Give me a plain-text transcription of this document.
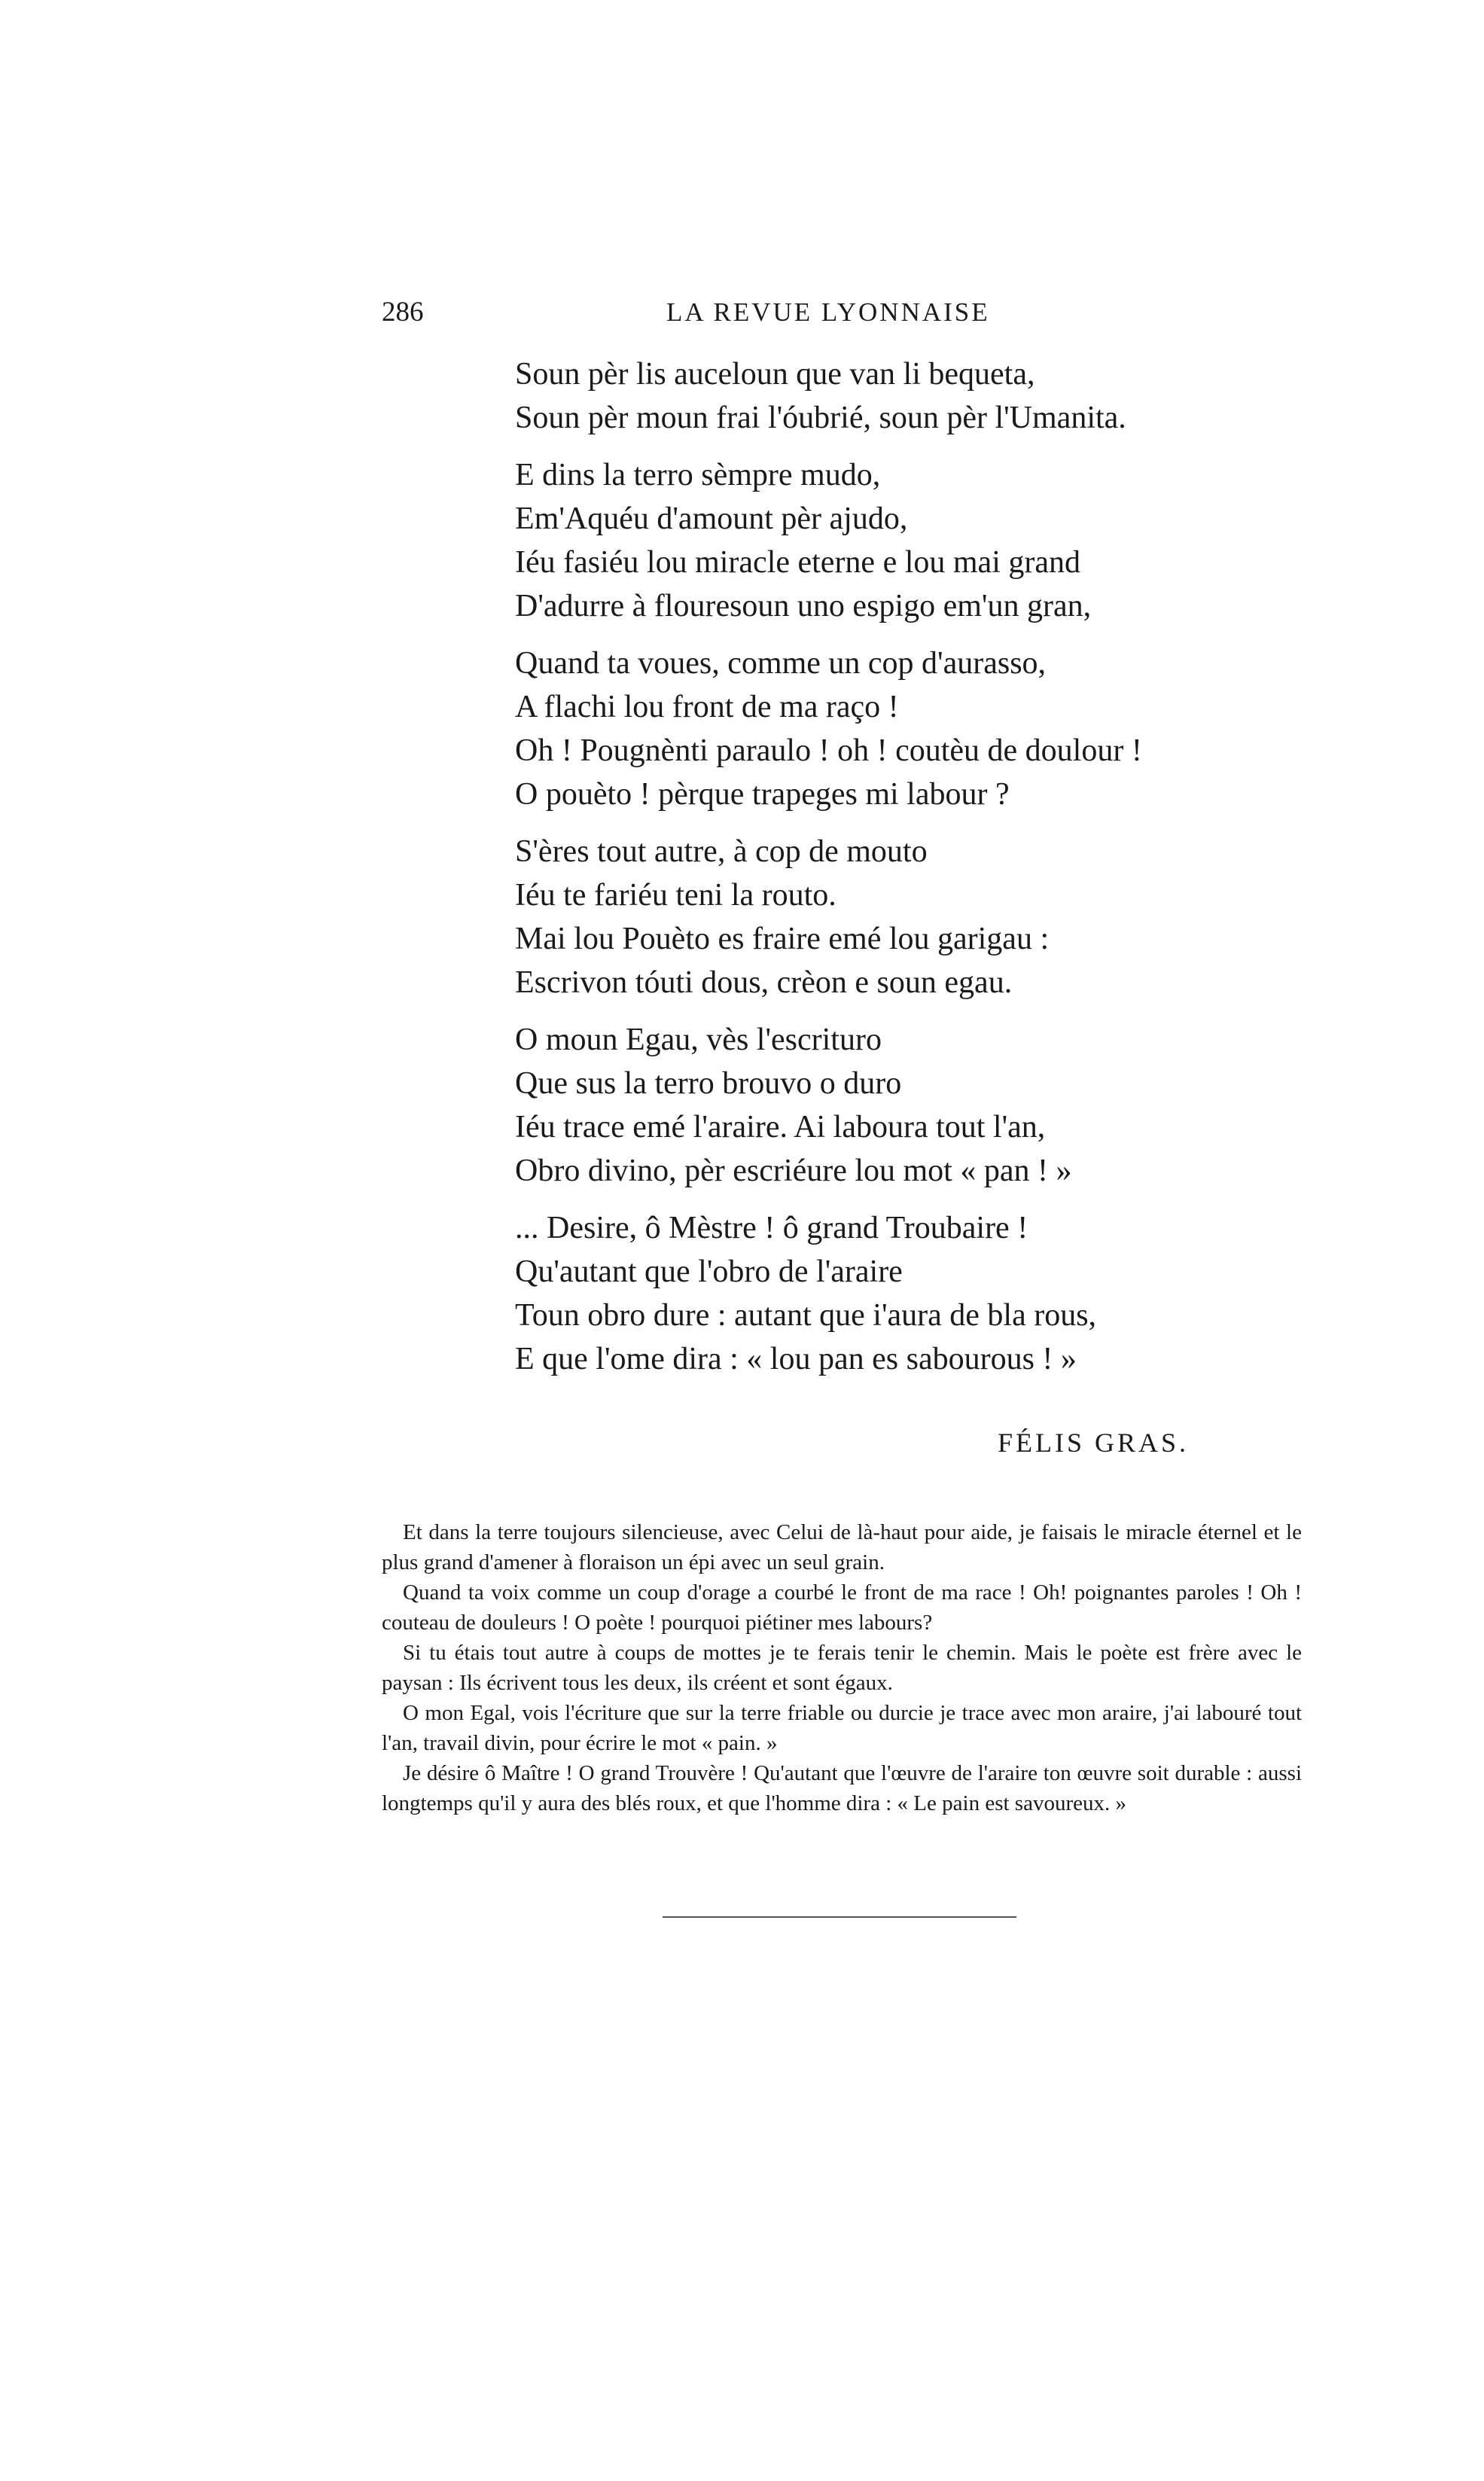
286	LA REVUE LYONNAISE
Soun pèr lis auceloun que van li bequeta,
Soun pèr moun frai l'óubrié, soun pèr l'Umanita.
E dins la terro sèmpre mudo,
Em'Aquéu d'amount pèr ajudo,
Iéu fasiéu lou miracle eterne e lou mai grand
D'adurre à flouresoun uno espigo em'un gran,
Quand ta voues, comme un cop d'aurasso,
A flachi lou front de ma raço !
Oh ! Pougnènti paraulo ! oh ! coutèu de doulour !
O pouèto ! pèrque trapeges mi labour ?
S'ères tout autre, à cop de mouto
Iéu te fariéu teni la routo.
Mai lou Pouèto es fraire emé lou garigau :
Escrivon tóuti dous, crèon e soun egau.
O moun Egau, vès l'escrituro
Que sus la terro brouvo o duro
Iéu trace emé l'araire. Ai laboura tout l'an,
Obro divino, pèr escriéure lou mot « pan ! »
... Desire, ô Mèstre ! ô grand Troubaire !
Qu'autant que l'obro de l'araire
Toun obro dure : autant que i'aura de bla rous,
E que l'ome dira : « lou pan es sabourous ! »
FÉLIS GRAS.

Et dans la terre toujours silencieuse, avec Celui de là-haut pour aide, je faisais le miracle éternel et le plus grand d'amener à floraison un épi avec un seul grain.

Quand ta voix comme un coup d'orage a courbé le front de ma race ! Oh! poignantes paroles ! Oh ! couteau de douleurs ! O poète ! pourquoi piétiner mes labours?

Si tu étais tout autre à coups de mottes je te ferais tenir le chemin. Mais le poète est frère avec le paysan : Ils écrivent tous les deux, ils créent et sont égaux.

O mon Egal, vois l'écriture que sur la terre friable ou durcie je trace avec mon araire, j'ai labouré tout l'an, travail divin, pour écrire le mot « pain. »

Je désire ô Maître ! O grand Trouvère ! Qu'autant que l'œuvre de l'araire ton œuvre soit durable : aussi longtemps qu'il y aura des blés roux, et que l'homme dira : « Le pain est savoureux. »
